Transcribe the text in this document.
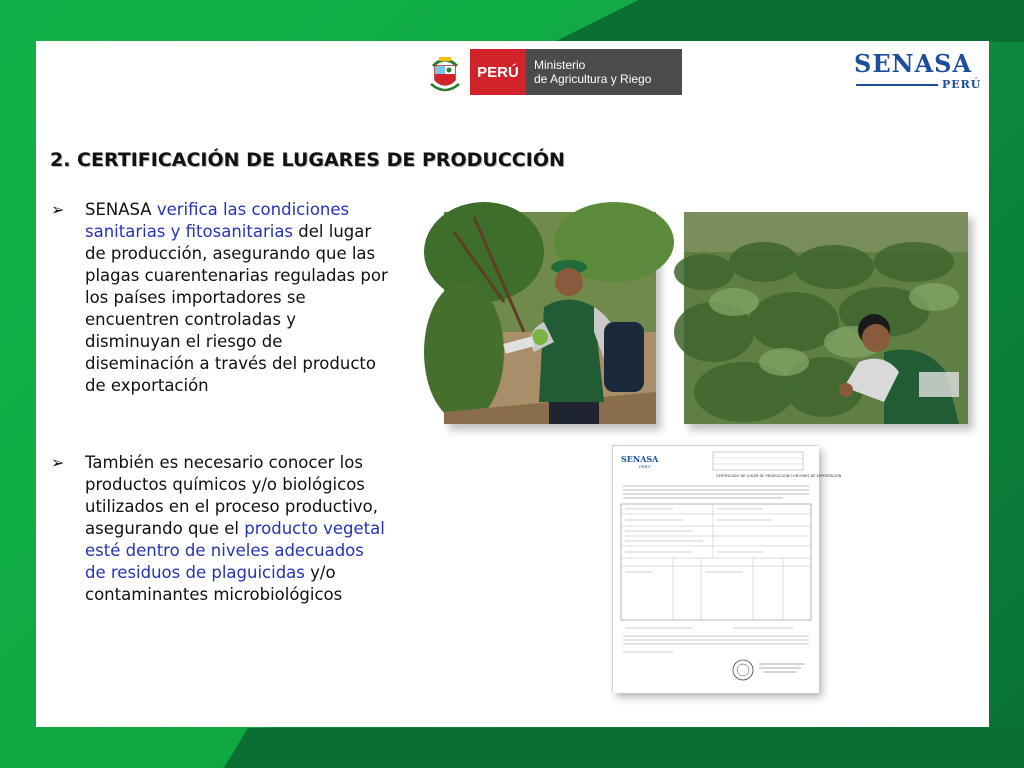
PERÚ	Ministerio
de Agricultura y Riego
SENASA
PERÚ
2. CERTIFICACIÓN DE LUGARES DE PRODUCCIÓN
➢	SENASA verifica las condiciones sanitarias y fitosanitarias del lugar de producción, asegurando que las plagas cuarentenarias reguladas por los países importadores se encuentren controladas y disminuyan el riesgo de diseminación a través del producto de exportación
➢	También es necesario conocer los productos químicos y/o biológicos utilizados en el proceso productivo, asegurando que el producto vegetal esté dentro de niveles adecuados de residuos de plaguicidas y/o contaminantes microbiológicos
SENASA
PERÚ
CERTIFICADO DE LUGAR DE PRODUCCIÓN CON FINES DE EXPORTACIÓN
